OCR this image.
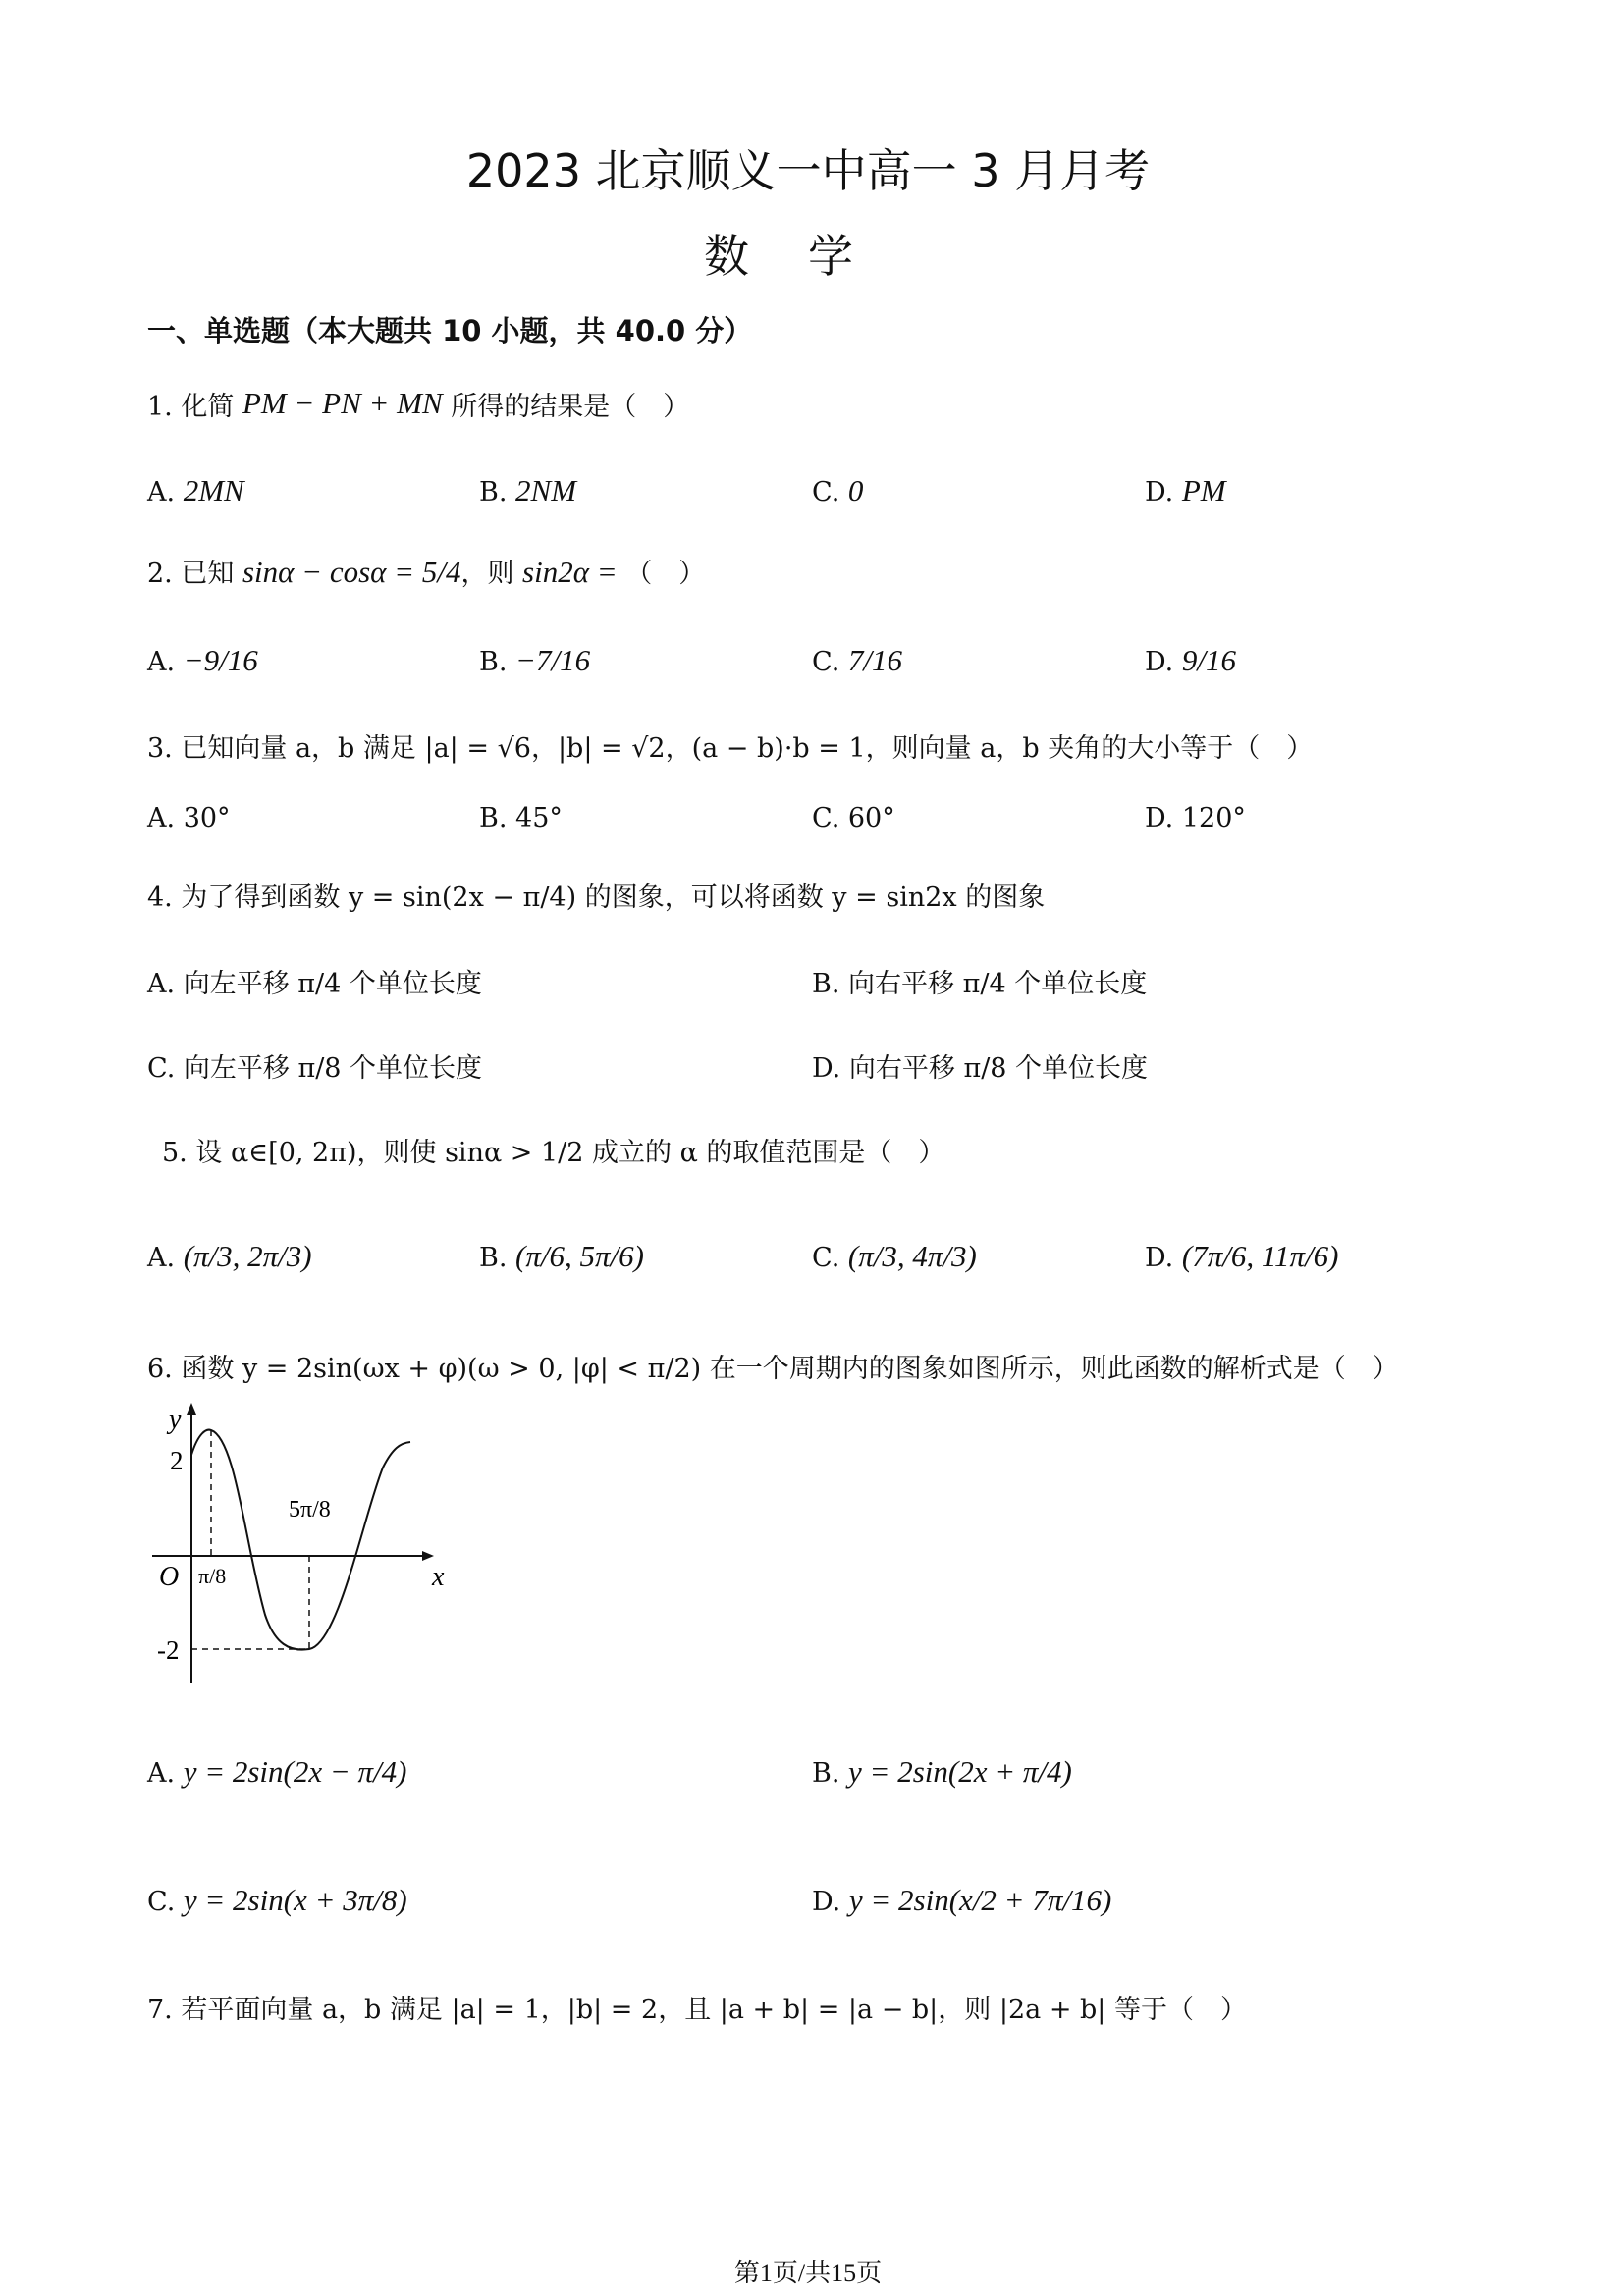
2023 北京顺义一中高一 3 月月考
数学
一、单选题（本大题共 10 小题，共 40.0 分）
1. 化简 PM − PN + MN 所得的结果是（　）
A. 2MN	B. 2NM	C. 0	D. PM
2. 已知 sinα − cosα = 5/4，则 sin2α = （　）
A. −9/16	B. −7/16	C. 7/16	D. 9/16
3. 已知向量 a，b 满足 |a| = √6，|b| = √2，(a − b)·b = 1，则向量 a，b 夹角的大小等于（　）
A. 30°	B. 45°	C. 60°	D. 120°
4. 为了得到函数 y = sin(2x − π/4) 的图象，可以将函数 y = sin2x 的图象
A. 向左平移 π/4 个单位长度	B. 向右平移 π/4 个单位长度
C. 向左平移 π/8 个单位长度	D. 向右平移 π/8 个单位长度
5. 设 α∈[0, 2π)，则使 sinα > 1/2 成立的 α 的取值范围是（　）
A. (π/3, 2π/3)	B. (π/6, 5π/6)	C. (π/3, 4π/3)	D. (7π/6, 11π/6)
6. 函数 y = 2sin(ωx + φ)(ω > 0, |φ| < π/2) 在一个周期内的图象如图所示，则此函数的解析式是（　）
y
x
O
2
-2
π/8
5π/8
A. y = 2sin(2x − π/4)	B. y = 2sin(2x + π/4)
C. y = 2sin(x + 3π/8)	D. y = 2sin(x/2 + 7π/16)
7. 若平面向量 a，b 满足 |a| = 1，|b| = 2，且 |a + b| = |a − b|，则 |2a + b| 等于（　）
第1页/共15页
